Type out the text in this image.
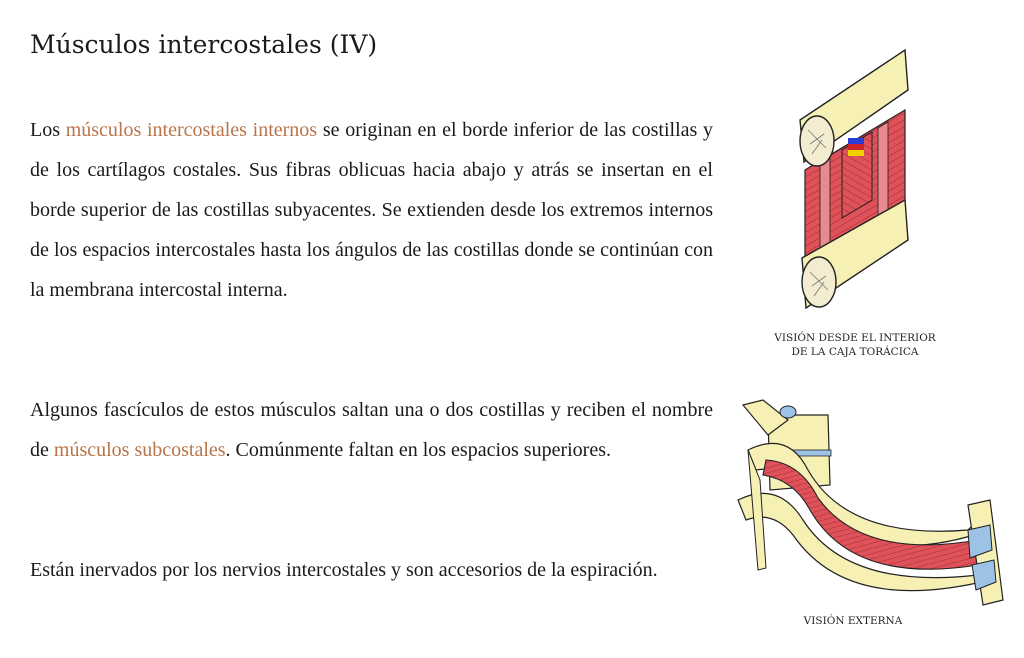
Músculos intercostales (IV)

Los músculos intercostales internos se originan en el borde inferior de las costillas y de los cartílagos costales. Sus fibras oblicuas hacia abajo y atrás se insertan en el borde superior de las costillas subyacentes. Se extienden desde los extremos internos de los espacios intercostales hasta los ángulos de las costillas donde se continúan con la membrana intercostal interna.

Algunos fascículos de estos músculos saltan una o dos costillas y reciben el nombre de músculos subcostales. Comúnmente faltan en los espacios superiores.

Están inervados por los nervios intercostales y son accesorios de la espiración.

VISIÓN DESDE EL INTERIOR
DE LA CAJA TORÁCICA
VISIÓN EXTERNA
